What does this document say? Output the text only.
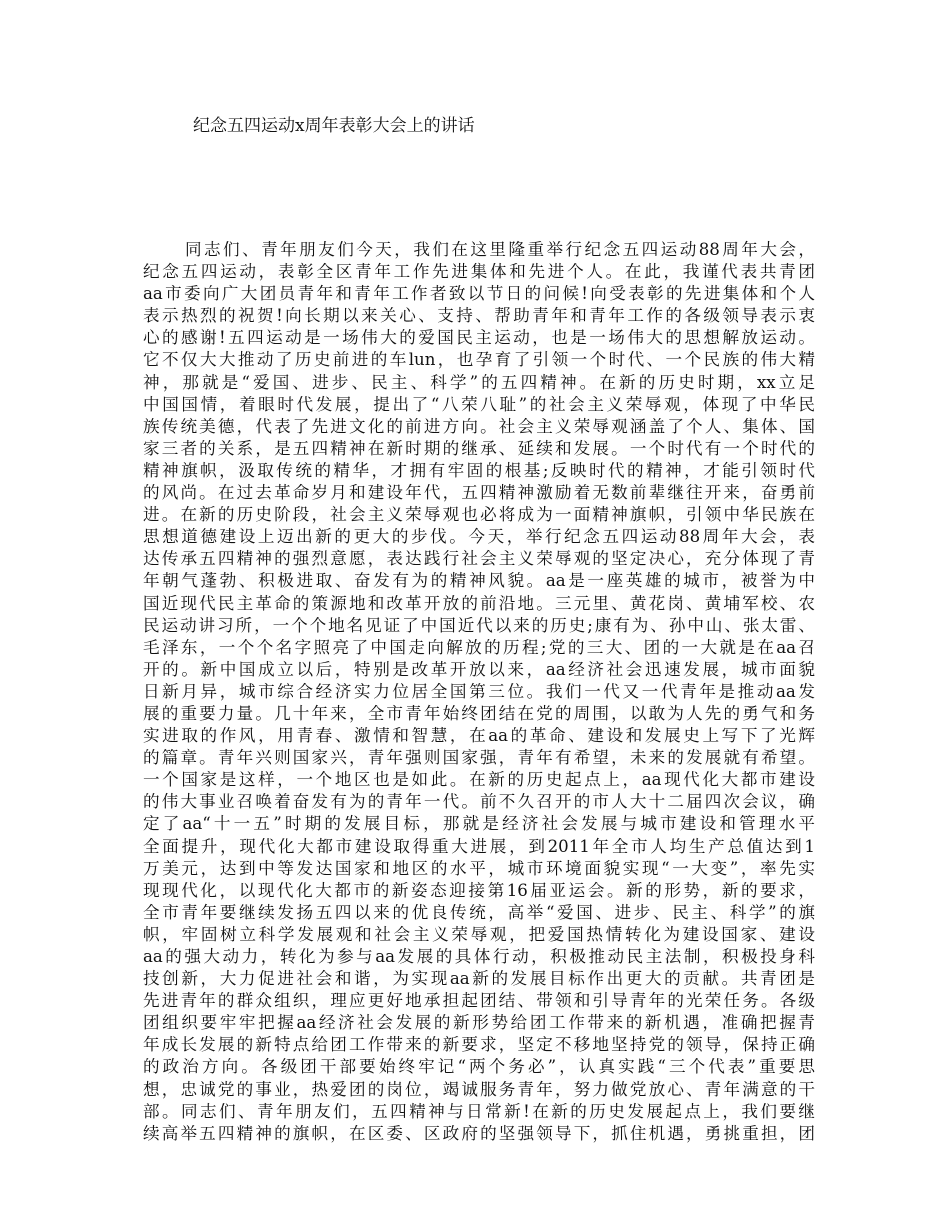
纪念五四运动x周年表彰大会上的讲话
同志们、青年朋友们今天，我们在这里隆重举行纪念五四运动88周年大会，
纪念五四运动，表彰全区青年工作先进集体和先进个人。在此，我谨代表共青团
aa市委向广大团员青年和青年工作者致以节日的问候!向受表彰的先进集体和个人
表示热烈的祝贺!向长期以来关心、支持、帮助青年和青年工作的各级领导表示衷
心的感谢!五四运动是一场伟大的爱国民主运动，也是一场伟大的思想解放运动。
它不仅大大推动了历史前进的车lun，也孕育了引领一个时代、一个民族的伟大精
神，那就是“爱国、进步、民主、科学”的五四精神。在新的历史时期，xx立足
中国国情，着眼时代发展，提出了“八荣八耻”的社会主义荣辱观，体现了中华民
族传统美德，代表了先进文化的前进方向。社会主义荣辱观涵盖了个人、集体、国
家三者的关系，是五四精神在新时期的继承、延续和发展。一个时代有一个时代的
精神旗帜，汲取传统的精华，才拥有牢固的根基;反映时代的精神，才能引领时代
的风尚。在过去革命岁月和建设年代，五四精神激励着无数前辈继往开来，奋勇前
进。在新的历史阶段，社会主义荣辱观也必将成为一面精神旗帜，引领中华民族在
思想道德建设上迈出新的更大的步伐。今天，举行纪念五四运动88周年大会，表
达传承五四精神的强烈意愿，表达践行社会主义荣辱观的坚定决心，充分体现了青
年朝气蓬勃、积极进取、奋发有为的精神风貌。aa是一座英雄的城市，被誉为中
国近现代民主革命的策源地和改革开放的前沿地。三元里、黄花岗、黄埔军校、农
民运动讲习所，一个个地名见证了中国近代以来的历史;康有为、孙中山、张太雷、
毛泽东，一个个名字照亮了中国走向解放的历程;党的三大、团的一大就是在aa召
开的。新中国成立以后，特别是改革开放以来，aa经济社会迅速发展，城市面貌
日新月异，城市综合经济实力位居全国第三位。我们一代又一代青年是推动aa发
展的重要力量。几十年来，全市青年始终团结在党的周围，以敢为人先的勇气和务
实进取的作风，用青春、激情和智慧，在aa的革命、建设和发展史上写下了光辉
的篇章。青年兴则国家兴，青年强则国家强，青年有希望，未来的发展就有希望。
一个国家是这样，一个地区也是如此。在新的历史起点上，aa现代化大都市建设
的伟大事业召唤着奋发有为的青年一代。前不久召开的市人大十二届四次会议，确
定了aa“十一五”时期的发展目标，那就是经济社会发展与城市建设和管理水平
全面提升，现代化大都市建设取得重大进展，到2011年全市人均生产总值达到1
万美元，达到中等发达国家和地区的水平，城市环境面貌实现“一大变”，率先实
现现代化，以现代化大都市的新姿态迎接第16届亚运会。新的形势，新的要求，
全市青年要继续发扬五四以来的优良传统，高举“爱国、进步、民主、科学”的旗
帜，牢固树立科学发展观和社会主义荣辱观，把爱国热情转化为建设国家、建设
aa的强大动力，转化为参与aa发展的具体行动，积极推动民主法制，积极投身科
技创新，大力促进社会和谐，为实现aa新的发展目标作出更大的贡献。共青团是
先进青年的群众组织，理应更好地承担起团结、带领和引导青年的光荣任务。各级
团组织要牢牢把握aa经济社会发展的新形势给团工作带来的新机遇，准确把握青
年成长发展的新特点给团工作带来的新要求，坚定不移地坚持党的领导，保持正确
的政治方向。各级团干部要始终牢记“两个务必”，认真实践“三个代表”重要思
想，忠诚党的事业，热爱团的岗位，竭诚服务青年，努力做党放心、青年满意的干
部。同志们、青年朋友们，五四精神与日常新!在新的历史发展起点上，我们要继
续高举五四精神的旗帜，在区委、区政府的坚强领导下，抓住机遇，勇挑重担，团
